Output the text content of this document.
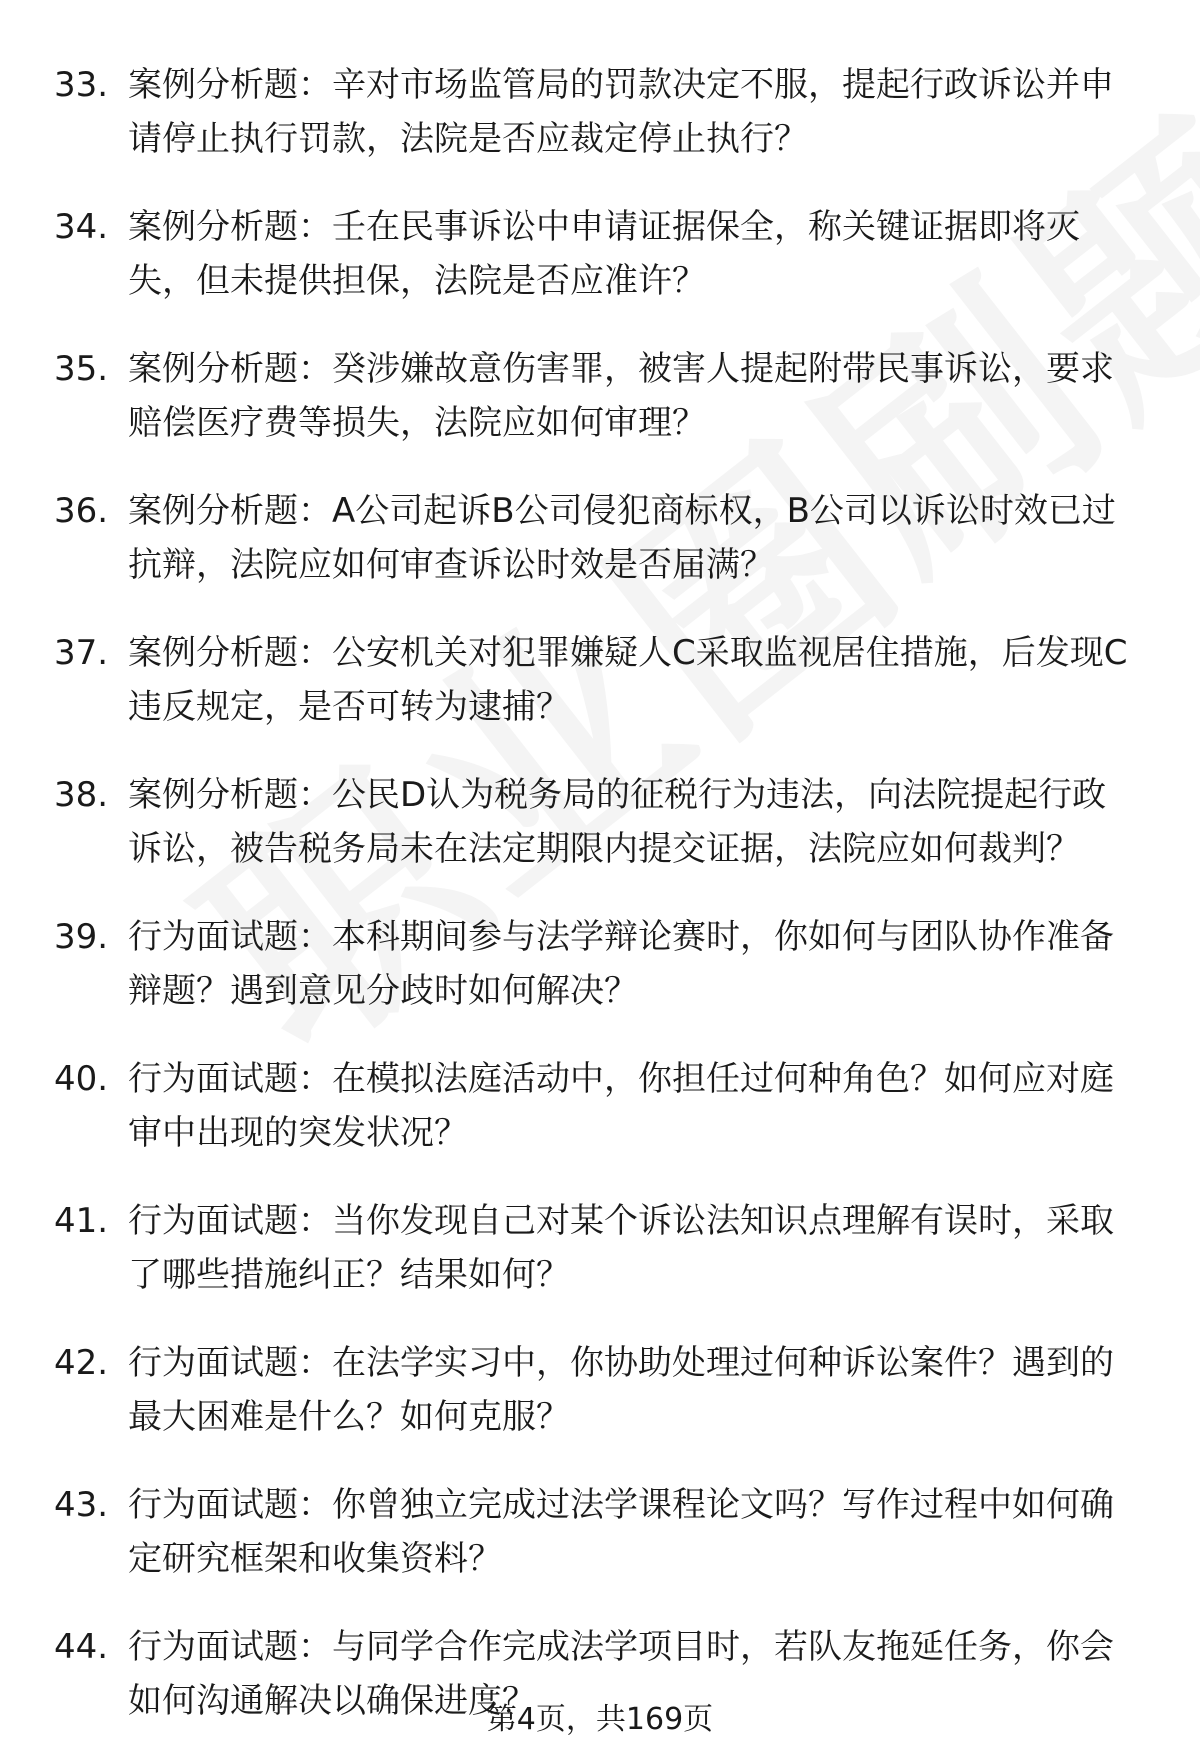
33. 案例分析题：辛对市场监管局的罚款决定不服，提起行政诉讼并申请停止执行罚款，法院是否应裁定停止执行？
34. 案例分析题：壬在民事诉讼中申请证据保全，称关键证据即将灭失，但未提供担保，法院是否应准许？
35. 案例分析题：癸涉嫌故意伤害罪，被害人提起附带民事诉讼，要求赔偿医疗费等损失，法院应如何审理？
36. 案例分析题：A公司起诉B公司侵犯商标权，B公司以诉讼时效已过抗辩，法院应如何审查诉讼时效是否届满？
37. 案例分析题：公安机关对犯罪嫌疑人C采取监视居住措施，后发现C违反规定，是否可转为逮捕？
38. 案例分析题：公民D认为税务局的征税行为违法，向法院提起行政诉讼，被告税务局未在法定期限内提交证据，法院应如何裁判？
39. 行为面试题：本科期间参与法学辩论赛时，你如何与团队协作准备辩题？遇到意见分歧时如何解决？
40. 行为面试题：在模拟法庭活动中，你担任过何种角色？如何应对庭审中出现的突发状况？
41. 行为面试题：当你发现自己对某个诉讼法知识点理解有误时，采取了哪些措施纠正？结果如何？
42. 行为面试题：在法学实习中，你协助处理过何种诉讼案件？遇到的最大困难是什么？如何克服？
43. 行为面试题：你曾独立完成过法学课程论文吗？写作过程中如何确定研究框架和收集资料？
44. 行为面试题：与同学合作完成法学项目时，若队友拖延任务，你会如何沟通解决以确保进度？
第4页，共169页
